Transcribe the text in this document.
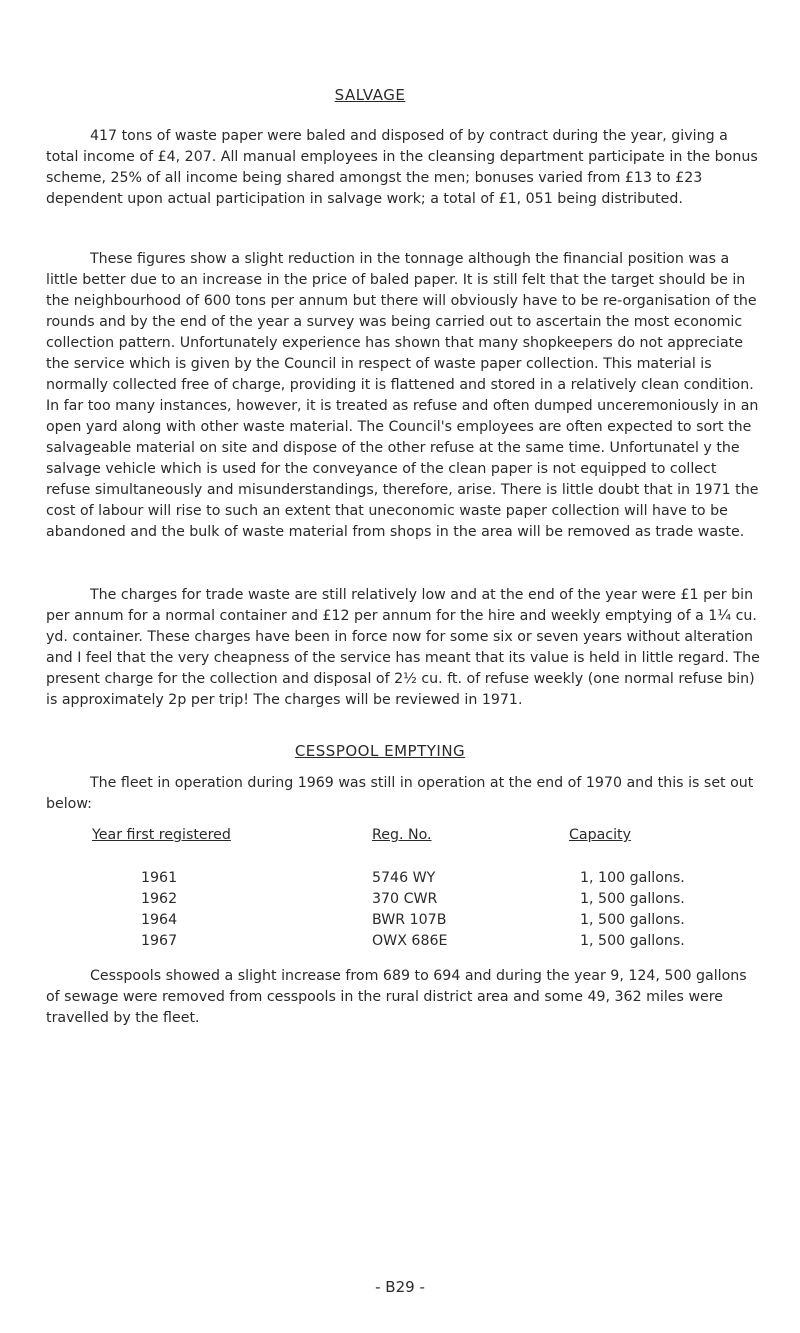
SALVAGE

417 tons of waste paper were baled and disposed of by contract during the year, giving a total income of £4, 207. All manual employees in the cleansing department participate in the bonus scheme, 25% of all income being shared amongst the men; bonuses varied from £13 to £23 dependent upon actual participation in salvage work; a total of £1, 051 being distributed.

These figures show a slight reduction in the tonnage although the financial position was a little better due to an increase in the price of baled paper. It is still felt that the target should be in the neighbourhood of 600 tons per annum but there will obviously have to be re-organisation of the rounds and by the end of the year a survey was being carried out to ascertain the most economic collection pattern. Unfortunately experience has shown that many shopkeepers do not appreciate the service which is given by the Council in respect of waste paper collection. This material is normally collected free of charge, providing it is flattened and stored in a relatively clean condition. In far too many instances, however, it is treated as refuse and often dumped unceremoniously in an open yard along with other waste material. The Council's employees are often expected to sort the salvageable material on site and dispose of the other refuse at the same time. Unfortunatel y the salvage vehicle which is used for the conveyance of the clean paper is not equipped to collect refuse simultaneously and misunderstandings, therefore, arise. There is little doubt that in 1971 the cost of labour will rise to such an extent that uneconomic waste paper collection will have to be abandoned and the bulk of waste material from shops in the area will be removed as trade waste.

The charges for trade waste are still relatively low and at the end of the year were £1 per bin per annum for a normal container and £12 per annum for the hire and weekly emptying of a 1¼ cu. yd. container. These charges have been in force now for some six or seven years without alteration and I feel that the very cheapness of the service has meant that its value is held in little regard. The present charge for the collection and disposal of 2½ cu. ft. of refuse weekly (one normal refuse bin) is approximately 2p per trip! The charges will be reviewed in 1971.

CESSPOOL EMPTYING

The fleet in operation during 1969 was still in operation at the end of 1970 and this is set out below:

Year first registered	Reg. No.	Capacity
1961	5746 WY	1, 100 gallons.
1962	370 CWR	1, 500 gallons.
1964	BWR 107B	1, 500 gallons.
1967	OWX 686E	1, 500 gallons.

Cesspools showed a slight increase from 689 to 694 and during the year 9, 124, 500 gallons of sewage were removed from cesspools in the rural district area and some 49, 362 miles were travelled by the fleet.

- B29 -
